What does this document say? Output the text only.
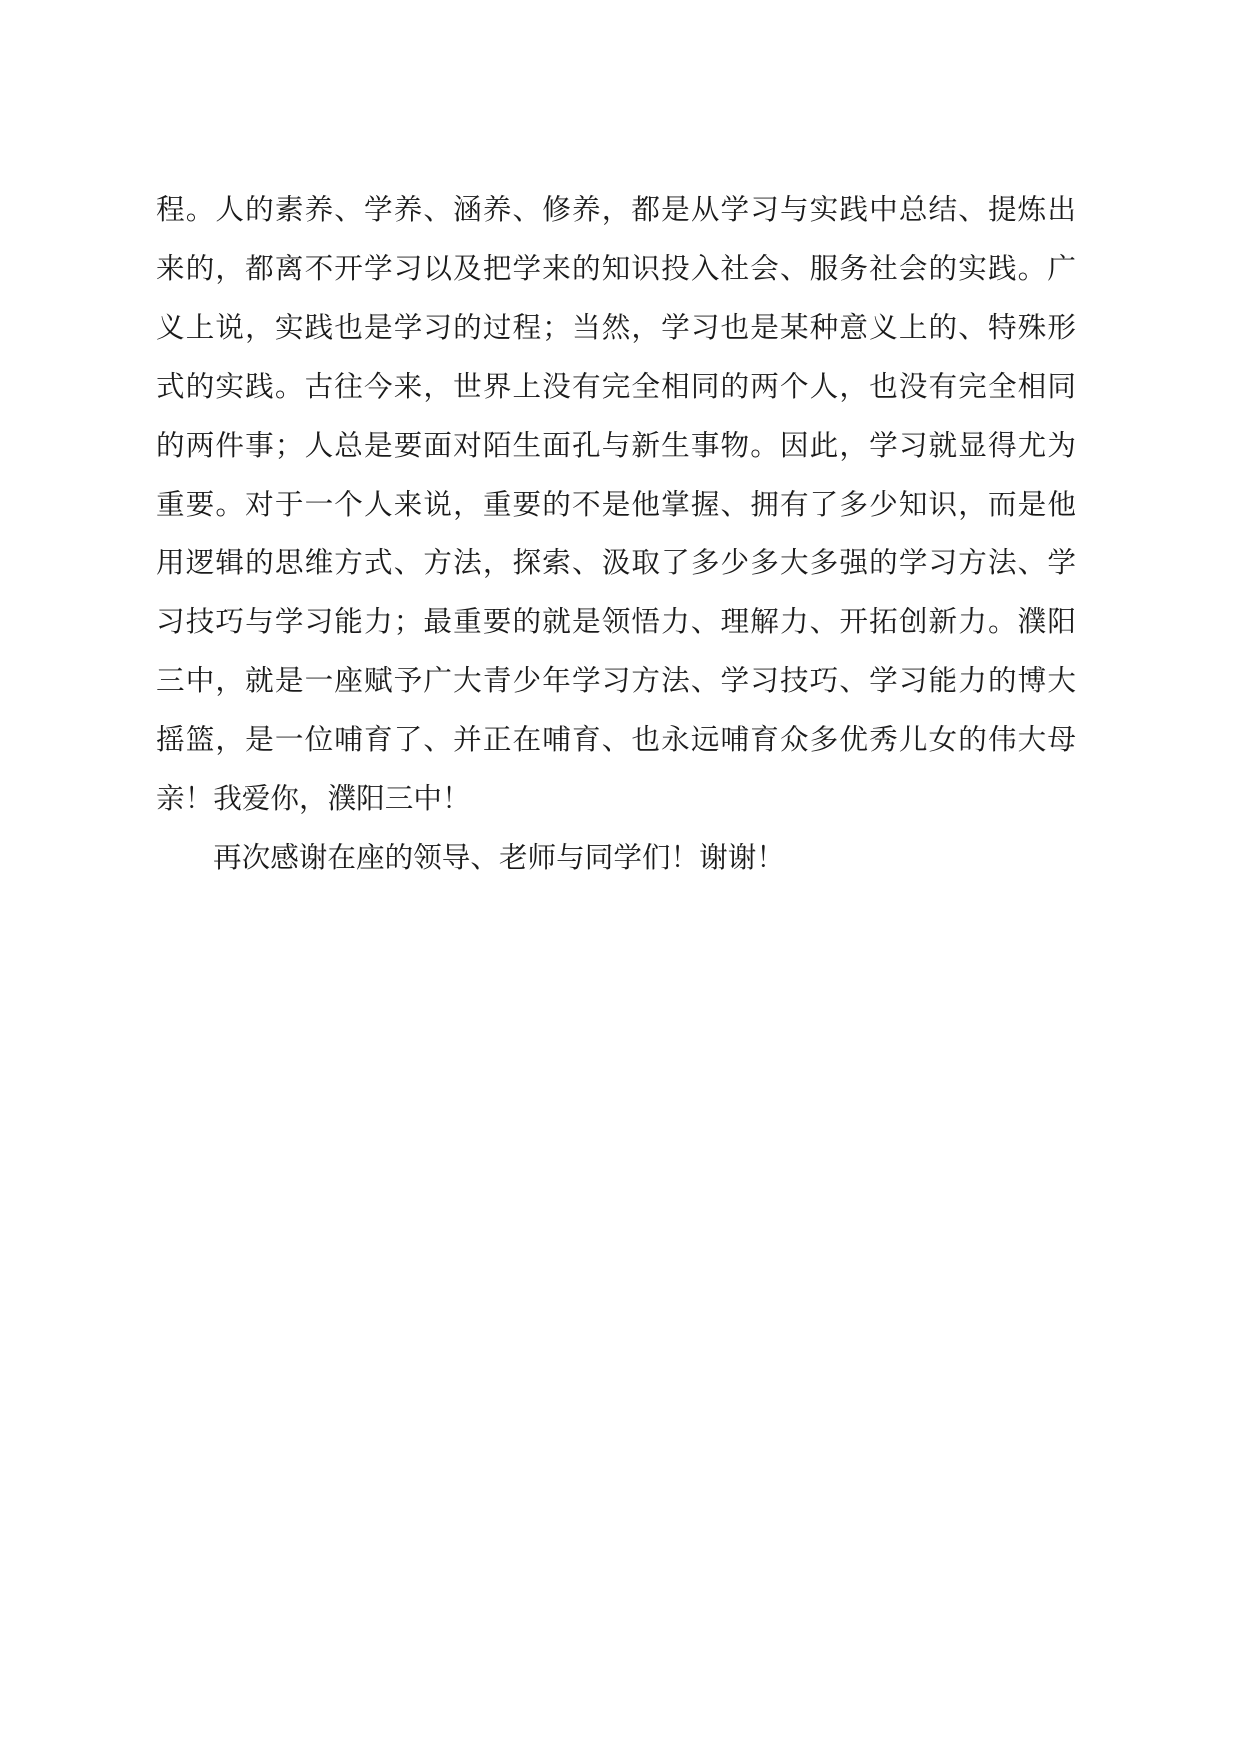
程。人的素养、学养、涵养、修养，都是从学习与实践中总结、提炼出
来的，都离不开学习以及把学来的知识投入社会、服务社会的实践。广
义上说，实践也是学习的过程；当然，学习也是某种意义上的、特殊形
式的实践。古往今来，世界上没有完全相同的两个人，也没有完全相同
的两件事；人总是要面对陌生面孔与新生事物。因此，学习就显得尤为
重要。对于一个人来说，重要的不是他掌握、拥有了多少知识，而是他
用逻辑的思维方式、方法，探索、汲取了多少多大多强的学习方法、学
习技巧与学习能力；最重要的就是领悟力、理解力、开拓创新力。濮阳
三中，就是一座赋予广大青少年学习方法、学习技巧、学习能力的博大
摇篮，是一位哺育了、并正在哺育、也永远哺育众多优秀儿女的伟大母
亲！我爱你，濮阳三中！
再次感谢在座的领导、老师与同学们！谢谢！
